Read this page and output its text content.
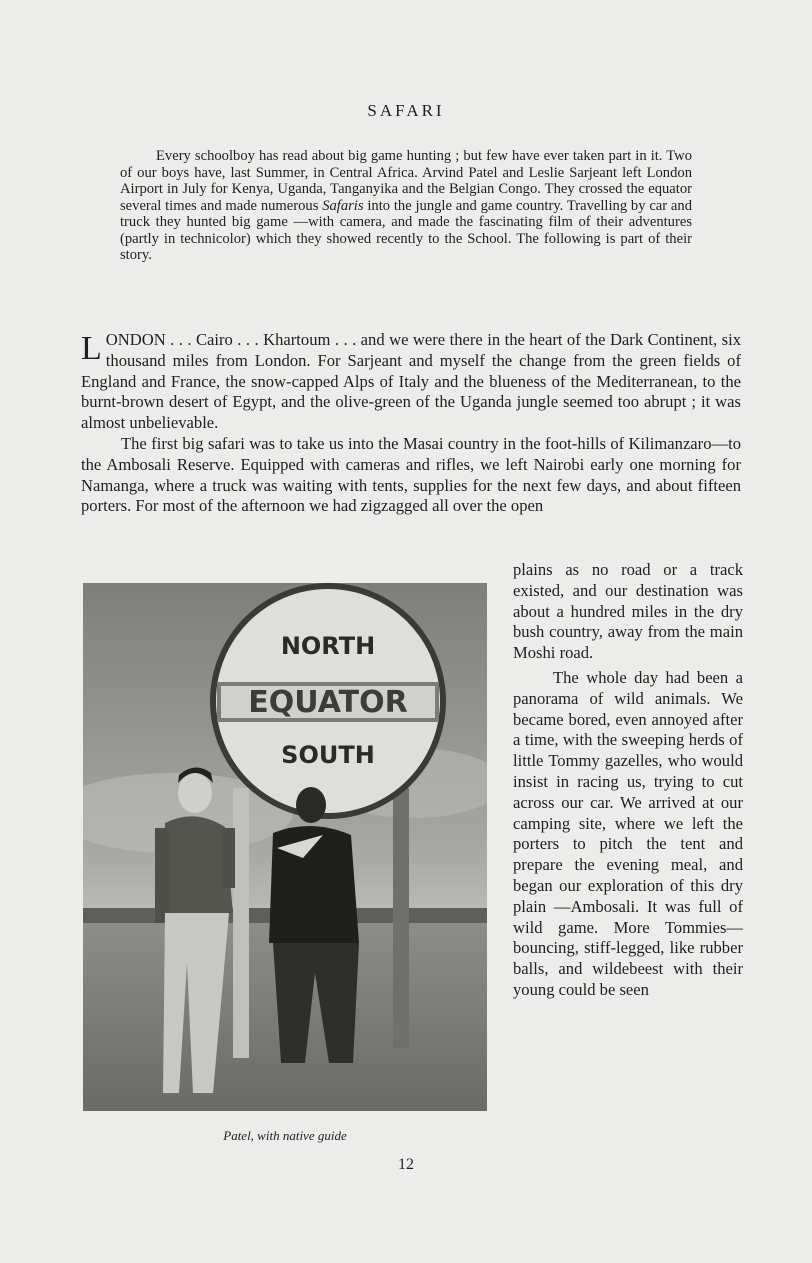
SAFARI

Every schoolboy has read about big game hunting ; but few have ever taken part in it. Two of our boys have, last Summer, in Central Africa. Arvind Patel and Leslie Sarjeant left London Airport in July for Kenya, Uganda, Tanganyika and the Belgian Congo. They crossed the equator several times and made numerous Safaris into the jungle and game country. Travelling by car and truck they hunted big game —with camera, and made the fascinating film of their adventures (partly in technicolor) which they showed recently to the School. The following is part of their story.

LONDON . . . Cairo . . . Khartoum . . . and we were there in the heart of the Dark Continent, six thousand miles from London. For Sarjeant and myself the change from the green fields of England and France, the snow-capped Alps of Italy and the blueness of the Mediterranean, to the burnt-brown desert of Egypt, and the olive-green of the Uganda jungle seemed too abrupt ; it was almost unbelievable.

The first big safari was to take us into the Masai country in the foot-hills of Kilimanzaro—to the Ambosali Reserve. Equipped with cameras and rifles, we left Nairobi early one morning for Namanga, where a truck was waiting with tents, supplies for the next few days, and about fifteen porters. For most of the afternoon we had zigzagged all over the open

NORTH
EQUATOR
SOUTH

plains as no road or a track existed, and our destination was about a hundred miles in the dry bush country, away from the main Moshi road.

The whole day had been a panorama of wild animals. We became bored, even annoyed after a time, with the sweeping herds of little Tommy gazelles, who would insist in racing us, trying to cut across our car. We arrived at our camping site, where we left the porters to pitch the tent and prepare the evening meal, and began our exploration of this dry plain —Ambosali. It was full of wild game. More Tommies—bouncing, stiff-legged, like rubber balls, and wildebeest with their young could be seen

Patel, with native guide
12
